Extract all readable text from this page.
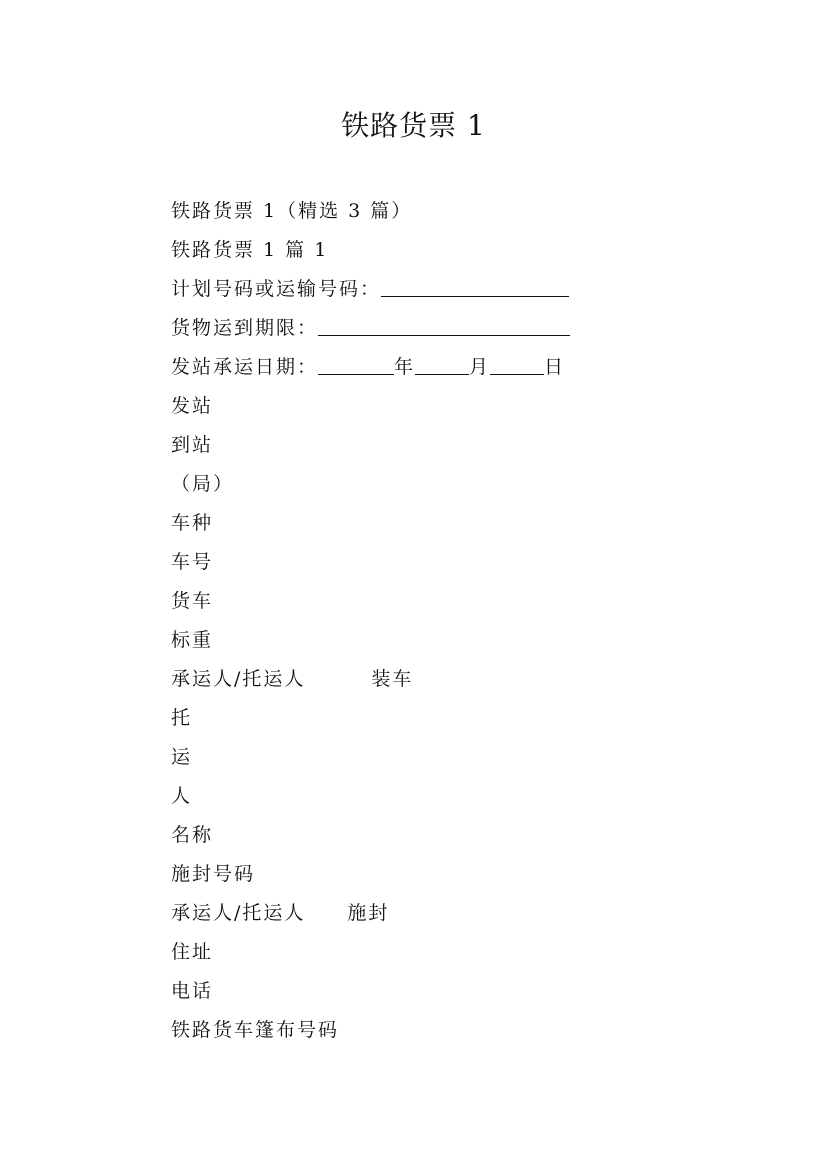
铁路货票 1
铁路货票 1（精选 3 篇）
铁路货票 1 篇 1
计划号码或运输号码：
货物运到期限：
发站承运日期：	年	月	日
发站
到站
（局）
车种
车号
货车
标重
承运人/托运人	装车
托
运
人
名称
施封号码
承运人/托运人 施封
住址
电话
铁路货车篷布号码
